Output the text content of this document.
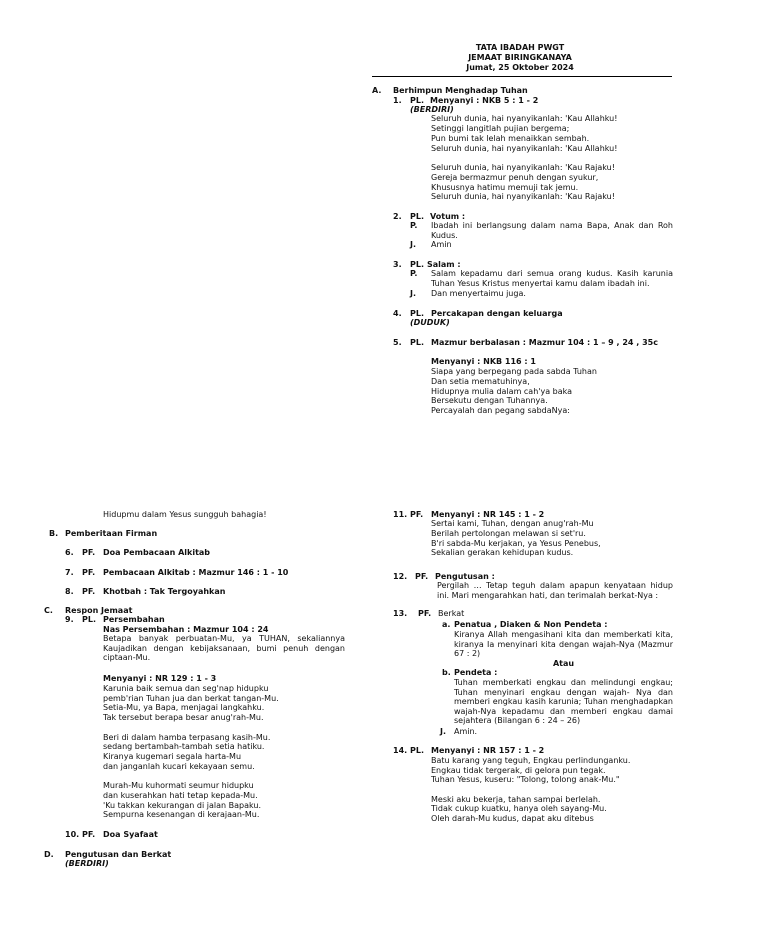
TATA IBADAH PWGT
JEMAAT BIRINGKANAYA
Jumat, 25 Oktober 2024
A. Berhimpun Menghadap Tuhan
1. PL. Menyanyi : NKB 5 : 1 - 2
(BERDIRI)
Seluruh dunia, hai nyanyikanlah: 'Kau Allahku!
Setinggi langitlah pujian bergema;
Pun bumi tak lelah menaikkan sembah.
Seluruh dunia, hai nyanyikanlah: 'Kau Allahku!
Seluruh dunia, hai nyanyikanlah: 'Kau Rajaku!
Gereja bermazmur penuh dengan syukur,
Khususnya hatimu memuji tak jemu.
Seluruh dunia, hai nyanyikanlah: 'Kau Rajaku!
2. PL. Votum :
P. Ibadah ini berlangsung dalam nama Bapa, Anak dan Roh Kudus.
J. Amin
3. PL. Salam :
P. Salam kepadamu dari semua orang kudus. Kasih karunia Tuhan Yesus Kristus menyertai kamu dalam ibadah ini.
J. Dan menyertaimu juga.
4. PL. Percakapan dengan keluarga
(DUDUK)
5. PL. Mazmur berbalasan : Mazmur 104 : 1 – 9 , 24 , 35c
Menyanyi : NKB 116 : 1
Siapa yang berpegang pada sabda Tuhan
Dan setia mematuhinya,
Hidupnya mulia dalam cah'ya baka
Bersekutu dengan Tuhannya.
Percayalah dan pegang sabdaNya:
Hidupmu dalam Yesus sungguh bahagia!
B. Pemberitaan Firman
6. PF. Doa Pembacaan Alkitab
7. PF. Pembacaan Alkitab : Mazmur 146 : 1 - 10
8. PF. Khotbah : Tak Tergoyahkan
C. Respon Jemaat
9. PL. Persembahan
Nas Persembahan : Mazmur 104 : 24
Betapa banyak perbuatan-Mu, ya TUHAN, sekaliannya Kaujadikan dengan kebijaksanaan, bumi penuh dengan ciptaan-Mu.
Menyanyi : NR 129 : 1 - 3
Karunia baik semua dan seg'nap hidupku
pemb'rian Tuhan jua dan berkat tangan-Mu.
Setia-Mu, ya Bapa, menjagai langkahku.
Tak tersebut berapa besar anug'rah-Mu.
Beri di dalam hamba terpasang kasih-Mu.
sedang bertambah-tambah setia hatiku.
Kiranya kugemari segala harta-Mu
dan janganlah kucari kekayaan semu.
Murah-Mu kuhormati seumur hidupku
dan kuserahkan hati tetap kepada-Mu.
'Ku takkan kekurangan di jalan Bapaku.
Sempurna kesenangan di kerajaan-Mu.
10. PF. Doa Syafaat
D. Pengutusan dan Berkat
(BERDIRI)
11. PF. Menyanyi : NR 145 : 1 - 2
Sertai kami, Tuhan, dengan anug'rah-Mu
Berilah pertolongan melawan si set'ru.
B'ri sabda-Mu kerjakan, ya Yesus Penebus,
Sekalian gerakan kehidupan kudus.
12. PF. Pengutusan :
Pergilah … Tetap teguh dalam apapun kenyataan hidup ini. Mari mengarahkan hati, dan terimalah berkat-Nya :
13. PF. Berkat
a. Penatua , Diaken & Non Pendeta :
Kiranya Allah mengasihani kita dan memberkati kita, kiranya Ia menyinari kita dengan wajah-Nya (Mazmur 67 : 2)
Atau
b. Pendeta :
Tuhan memberkati engkau dan melindungi engkau; Tuhan menyinari engkau dengan wajah- Nya dan memberi engkau kasih karunia; Tuhan menghadapkan wajah-Nya kepadamu dan memberi engkau damai sejahtera (Bilangan 6 : 24 – 26)
J. Amin.
14. PL. Menyanyi : NR 157 : 1 - 2
Batu karang yang teguh, Engkau perlindunganku.
Engkau tidak tergerak, di gelora pun tegak.
Tuhan Yesus, kuseru: "Tolong, tolong anak-Mu."
Meski aku bekerja, tahan sampai berlelah.
Tidak cukup kuatku, hanya oleh sayang-Mu.
Oleh darah-Mu kudus, dapat aku ditebus
